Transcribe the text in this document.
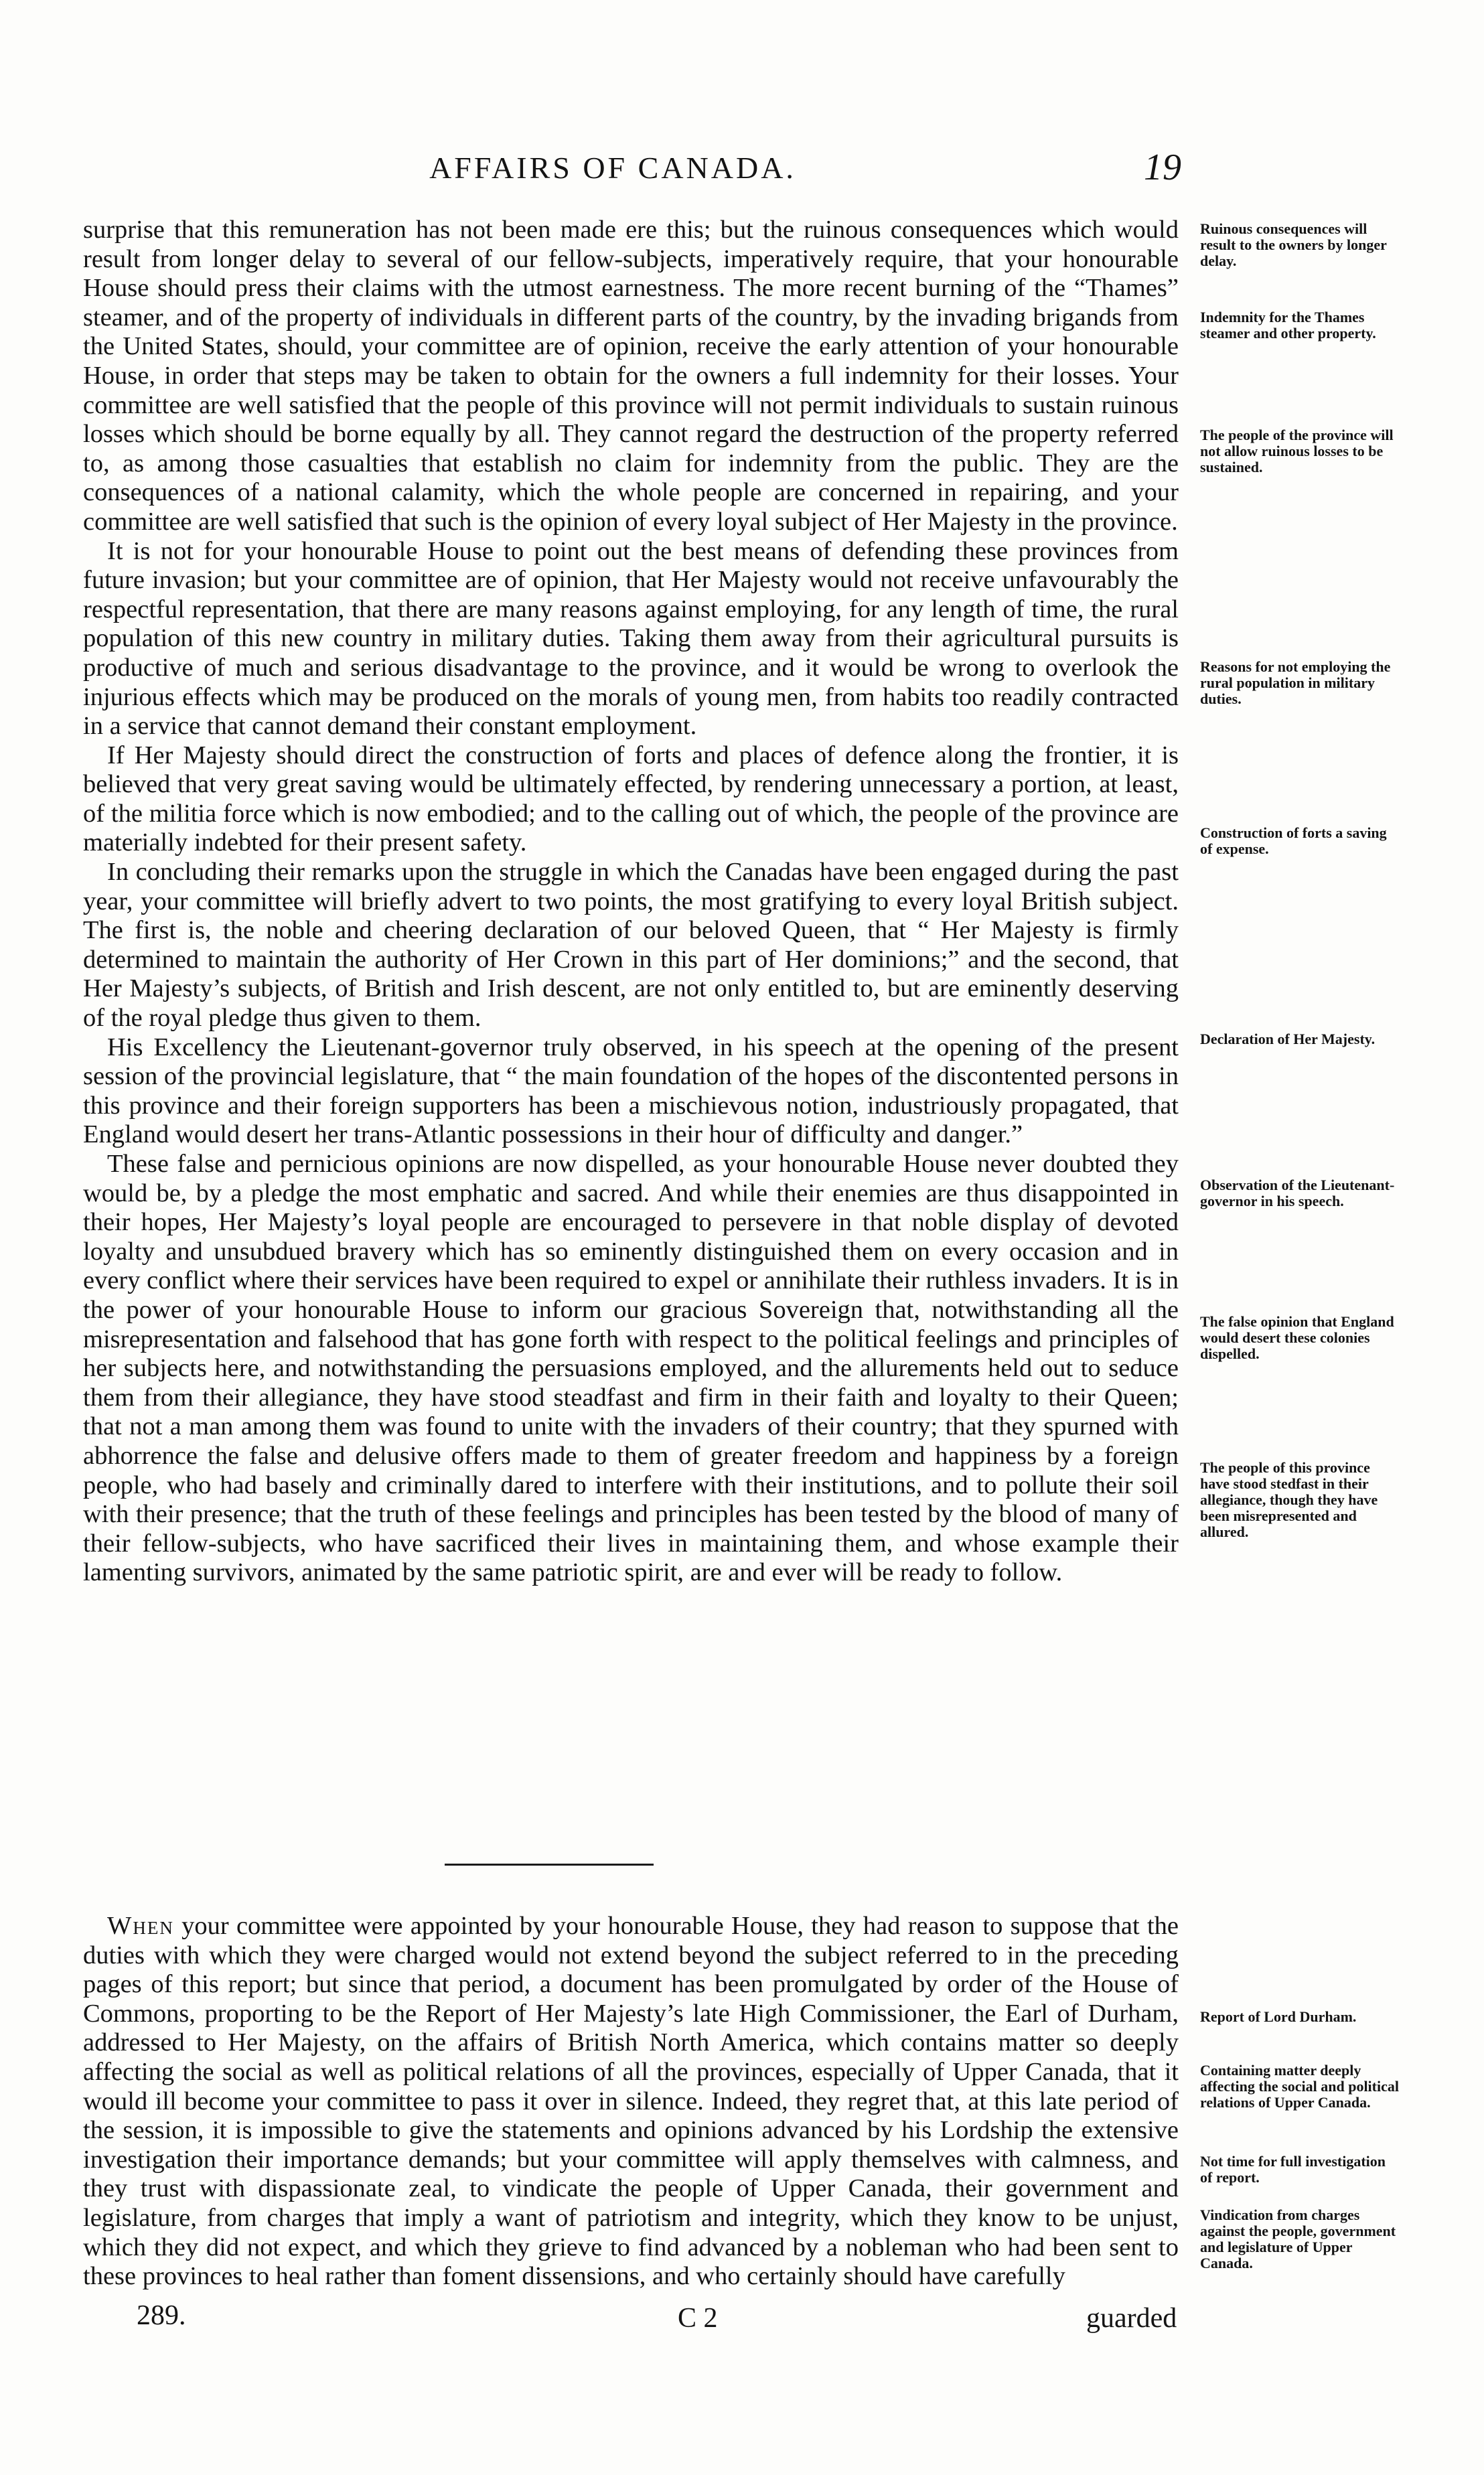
AFFAIRS OF CANADA.	19

surprise that this remuneration has not been made ere this; but the ruinous consequences which would result from longer delay to several of our fellow-subjects, imperatively require, that your honourable House should press their claims with the utmost earnestness. The more recent burning of the “Thames” steamer, and of the property of individuals in different parts of the country, by the invading brigands from the United States, should, your committee are of opinion, receive the early attention of your honourable House, in order that steps may be taken to obtain for the owners a full indemnity for their losses. Your committee are well satisfied that the people of this province will not permit individuals to sustain ruinous losses which should be borne equally by all. They cannot regard the destruction of the property referred to, as among those casualties that establish no claim for indemnity from the public. They are the consequences of a national calamity, which the whole people are concerned in repairing, and your committee are well satisfied that such is the opinion of every loyal subject of Her Majesty in the province.

It is not for your honourable House to point out the best means of defending these provinces from future invasion; but your committee are of opinion, that Her Majesty would not receive unfavourably the respectful representation, that there are many reasons against employing, for any length of time, the rural population of this new country in military duties. Taking them away from their agricultural pursuits is productive of much and serious disadvantage to the province, and it would be wrong to overlook the injurious effects which may be produced on the morals of young men, from habits too readily contracted in a service that cannot demand their constant employment.

If Her Majesty should direct the construction of forts and places of defence along the frontier, it is believed that very great saving would be ultimately effected, by rendering unnecessary a portion, at least, of the militia force which is now embodied; and to the calling out of which, the people of the province are materially indebted for their present safety.

In concluding their remarks upon the struggle in which the Canadas have been engaged during the past year, your committee will briefly advert to two points, the most gratifying to every loyal British subject. The first is, the noble and cheering declaration of our beloved Queen, that “ Her Majesty is firmly determined to maintain the authority of Her Crown in this part of Her dominions;” and the second, that Her Majesty’s subjects, of British and Irish descent, are not only entitled to, but are eminently deserving of the royal pledge thus given to them.

His Excellency the Lieutenant-governor truly observed, in his speech at the opening of the present session of the provincial legislature, that “ the main foundation of the hopes of the discontented persons in this province and their foreign supporters has been a mischievous notion, industriously propagated, that England would desert her trans-Atlantic possessions in their hour of difficulty and danger.”

These false and pernicious opinions are now dispelled, as your honourable House never doubted they would be, by a pledge the most emphatic and sacred. And while their enemies are thus disappointed in their hopes, Her Majesty’s loyal people are encouraged to persevere in that noble display of devoted loyalty and unsubdued bravery which has so eminently distinguished them on every occasion and in every conflict where their services have been required to expel or annihilate their ruthless invaders. It is in the power of your honourable House to inform our gracious Sovereign that, notwithstanding all the misrepresentation and falsehood that has gone forth with respect to the political feelings and principles of her subjects here, and notwithstanding the persuasions employed, and the allurements held out to seduce them from their allegiance, they have stood steadfast and firm in their faith and loyalty to their Queen; that not a man among them was found to unite with the invaders of their country; that they spurned with abhorrence the false and delusive offers made to them of greater freedom and happiness by a foreign people, who had basely and criminally dared to interfere with their institutions, and to pollute their soil with their presence; that the truth of these feelings and principles has been tested by the blood of many of their fellow-subjects, who have sacrificed their lives in maintaining them, and whose example their lamenting survivors, animated by the same patriotic spirit, are and ever will be ready to follow.

When your committee were appointed by your honourable House, they had reason to suppose that the duties with which they were charged would not extend beyond the subject referred to in the preceding pages of this report; but since that period, a document has been promulgated by order of the House of Commons, proporting to be the Report of Her Majesty’s late High Commissioner, the Earl of Durham, addressed to Her Majesty, on the affairs of British North America, which contains matter so deeply affecting the social as well as political relations of all the provinces, especially of Upper Canada, that it would ill become your committee to pass it over in silence. Indeed, they regret that, at this late period of the session, it is impossible to give the statements and opinions advanced by his Lordship the extensive investigation their importance demands; but your committee will apply themselves with calmness, and they trust with dispassionate zeal, to vindicate the people of Upper Canada, their government and legislature, from charges that imply a want of patriotism and integrity, which they know to be unjust, which they did not expect, and which they grieve to find advanced by a nobleman who had been sent to these provinces to heal rather than foment dissensions, and who certainly should have carefully

Ruinous consequences will result to the owners by longer delay.
Indemnity for the Thames steamer and other property.
The people of the province will not allow ruinous losses to be sustained.
Reasons for not employing the rural population in military duties.
Construction of forts a saving of expense.
Declaration of Her Majesty.
Observation of the Lieutenant-governor in his speech.
The false opinion that England would desert these colonies dispelled.
The people of this province have stood stedfast in their allegiance, though they have been misrepresented and allured.
Report of Lord Durham.
Containing matter deeply affecting the social and political relations of Upper Canada.
Not time for full investigation of report.
Vindication from charges against the people, government and legislature of Upper Canada.
289.	C 2	guarded
